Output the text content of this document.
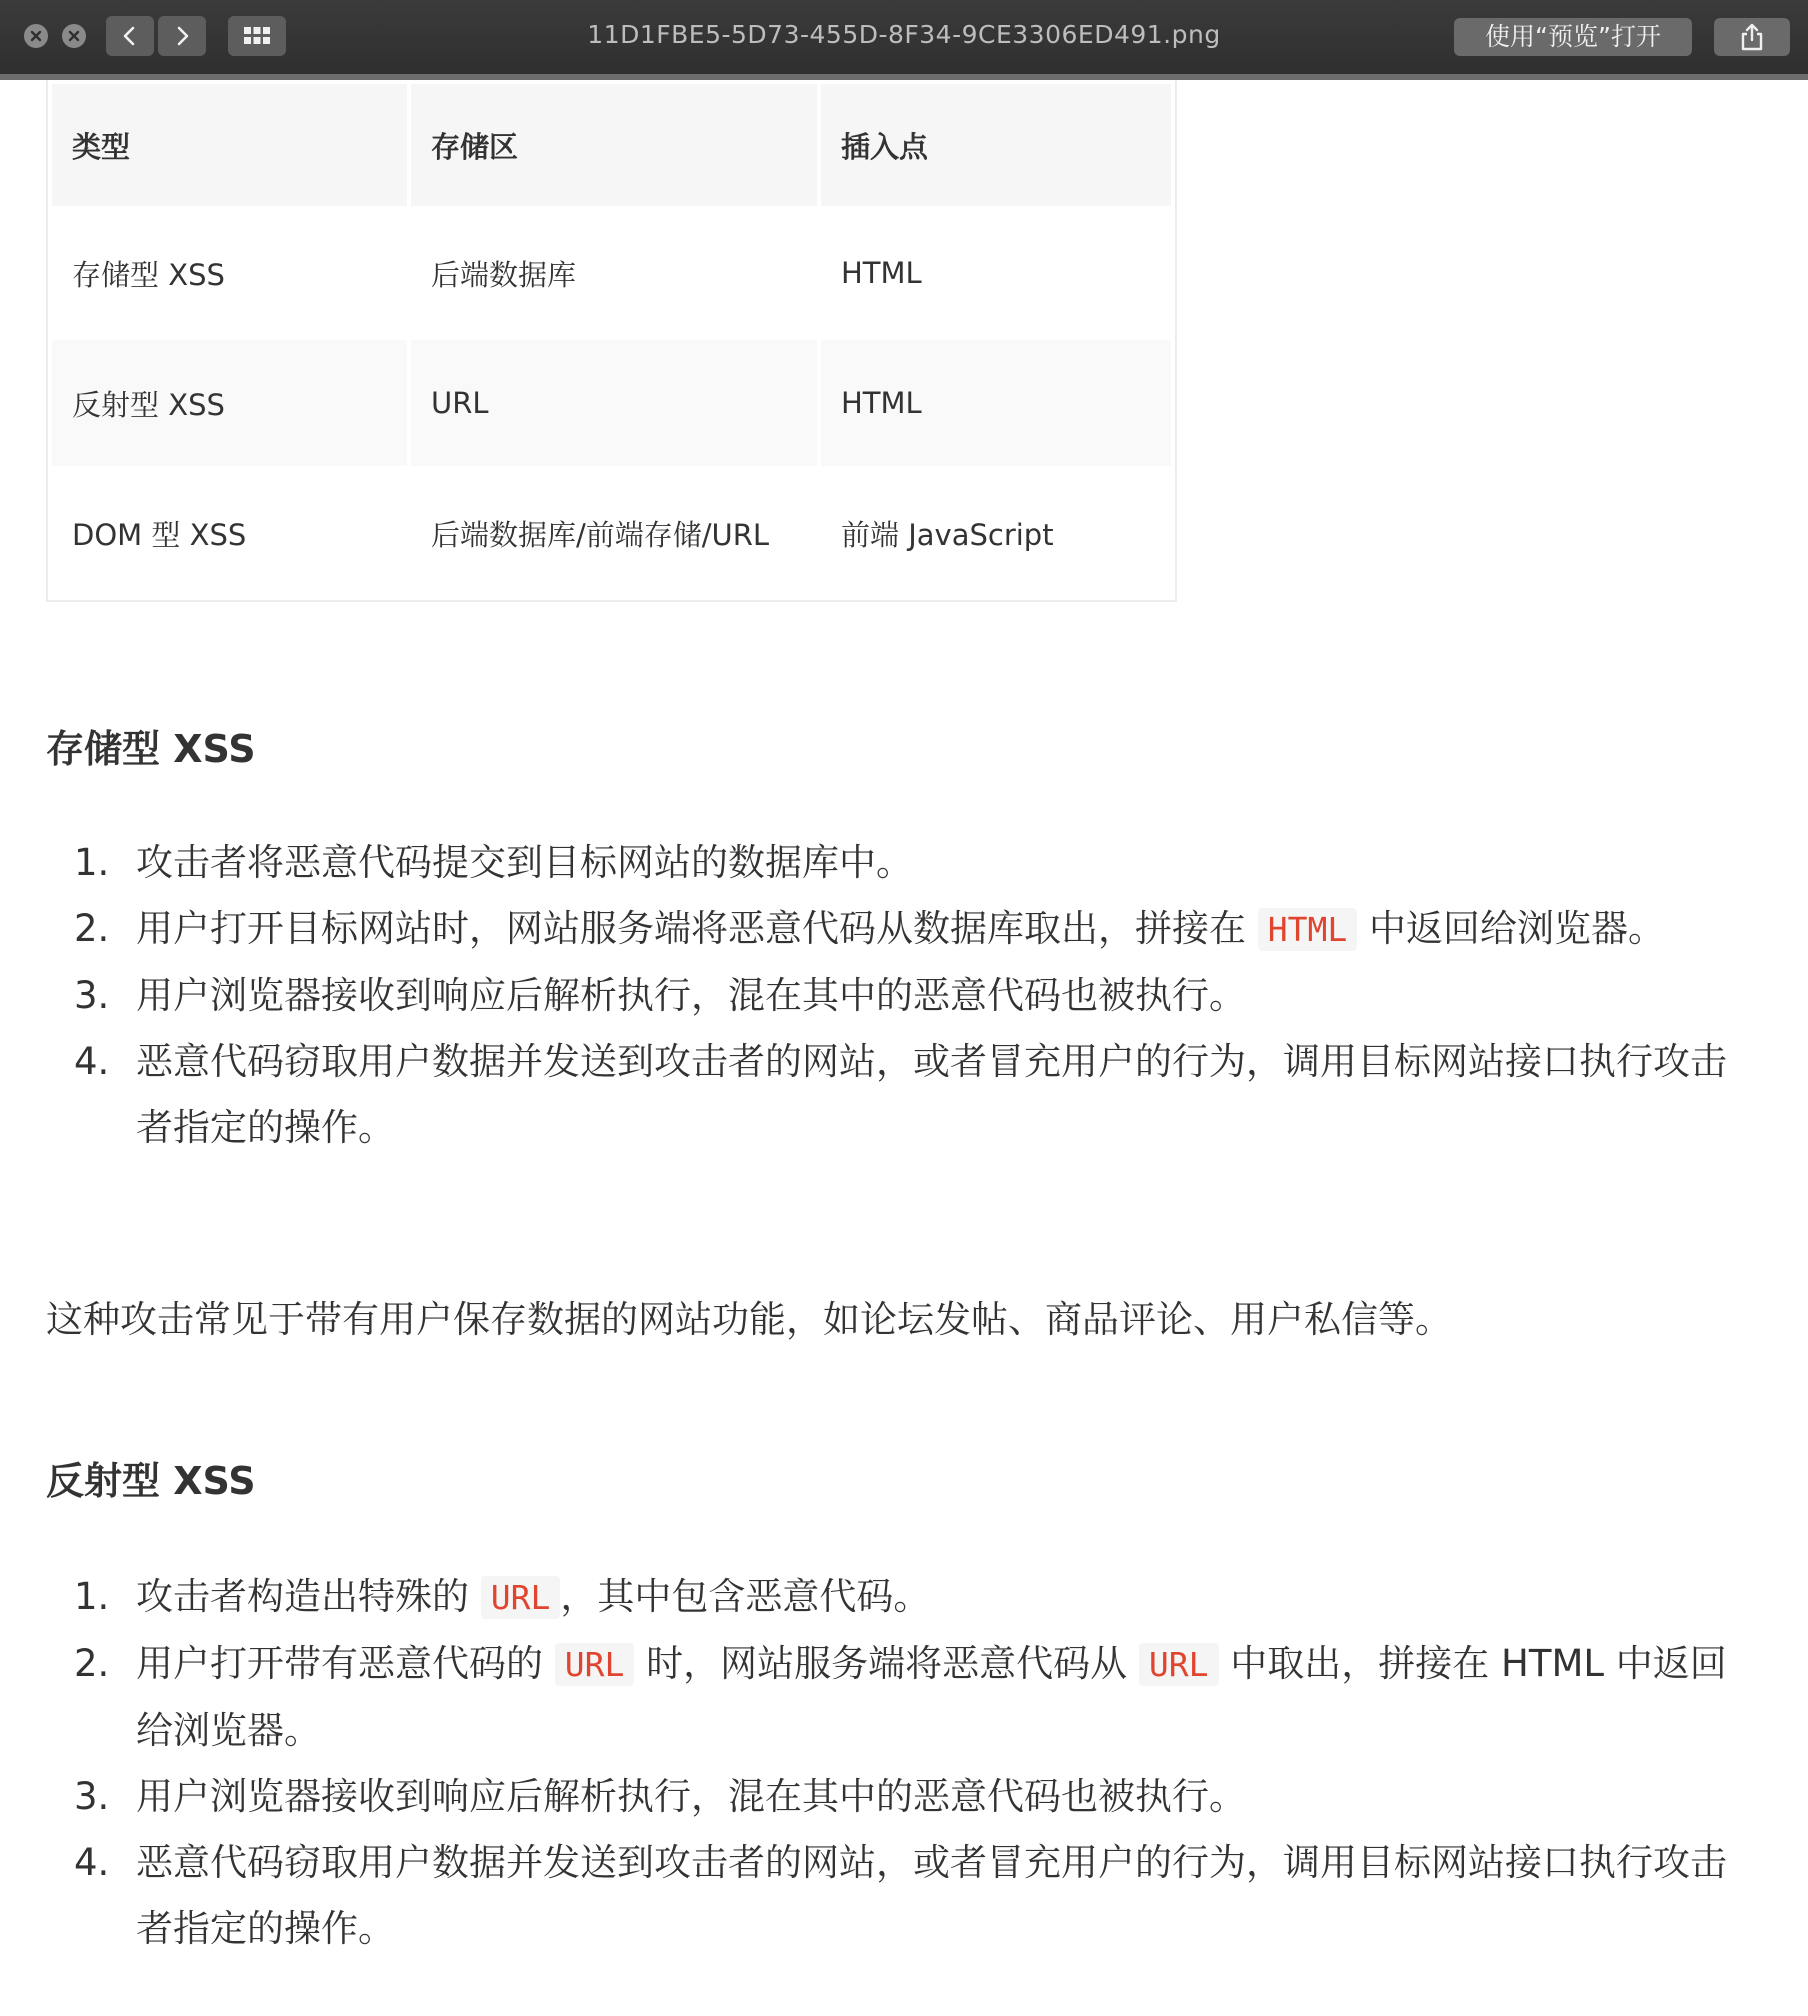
11D1FBE5-5D73-455D-8F34-9CE3306ED491.png	使用“预览”打开
类型	存储区	插入点
存储型 XSS	后端数据库	HTML
反射型 XSS	URL	HTML
DOM 型 XSS	后端数据库/前端存储/URL	前端 JavaScript
存储型 XSS
1. 攻击者将恶意代码提交到目标网站的数据库中。
2. 用户打开目标网站时，网站服务端将恶意代码从数据库取出，拼接在 HTML 中返回给浏览器。
3. 用户浏览器接收到响应后解析执行，混在其中的恶意代码也被执行。
4. 恶意代码窃取用户数据并发送到攻击者的网站，或者冒充用户的行为，调用目标网站接口执行攻击者指定的操作。

这种攻击常见于带有用户保存数据的网站功能，如论坛发帖、商品评论、用户私信等。

反射型 XSS
1. 攻击者构造出特殊的 URL ，其中包含恶意代码。
2. 用户打开带有恶意代码的 URL 时，网站服务端将恶意代码从 URL 中取出，拼接在 HTML 中返回给浏览器。
3. 用户浏览器接收到响应后解析执行，混在其中的恶意代码也被执行。
4. 恶意代码窃取用户数据并发送到攻击者的网站，或者冒充用户的行为，调用目标网站接口执行攻击者指定的操作。
